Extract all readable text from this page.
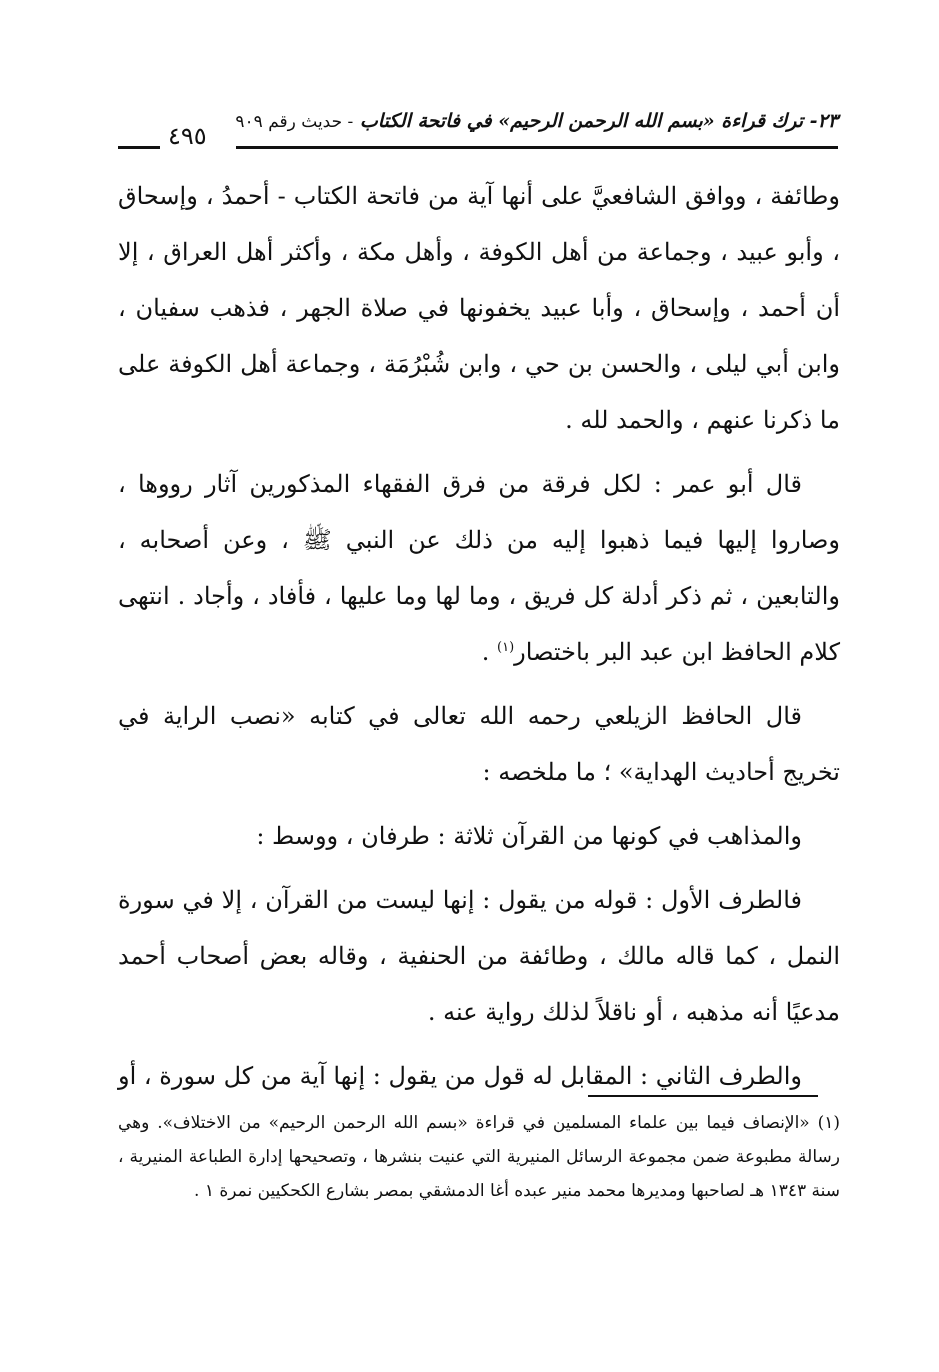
٢٣- ترك قراءة «بسم الله الرحمن الرحيم» في فاتحة الكتاب - حديث رقم ٩٠٩
٤٩٥

وطائفة ، ووافق الشافعيَّ على أنها آية من فاتحة الكتاب - أحمدُ ، وإسحاق ، وأبو عبيد ، وجماعة من أهل الكوفة ، وأهل مكة ، وأكثر أهل العراق ، إلا أن أحمد ، وإسحاق ، وأبا عبيد يخفونها في صلاة الجهر ، فذهب سفيان ، وابن أبي ليلى ، والحسن بن حي ، وابن شُبْرُمَة ، وجماعة أهل الكوفة على ما ذكرنا عنهم ، والحمد لله .

قال أبو عمر : لكل فرقة من فرق الفقهاء المذكورين آثار رووها ، وصاروا إليها فيما ذهبوا إليه من ذلك عن النبي ﷺ ، وعن أصحابه ، والتابعين ، ثم ذكر أدلة كل فريق ، وما لها وما عليها ، فأفاد ، وأجاد . انتهى كلام الحافظ ابن عبد البر باختصار$^{(١)}$ .

قال الحافظ الزيلعي رحمه الله تعالى في كتابه «نصب الراية في تخريج أحاديث الهداية» ؛ ما ملخصه :

والمذاهب في كونها من القرآن ثلاثة : طرفان ، ووسط :

فالطرف الأول : قوله من يقول : إنها ليست من القرآن ، إلا في سورة النمل ، كما قاله مالك ، وطائفة من الحنفية ، وقاله بعض أصحاب أحمد مدعيًا أنه مذهبه ، أو ناقلاً لذلك رواية عنه .

والطرف الثاني : المقابل له قول من يقول : إنها آية من كل سورة ، أو

(١) «الإنصاف فيما بين علماء المسلمين في قراءة «بسم الله الرحمن الرحيم» من الاختلاف». وهي رسالة مطبوعة ضمن مجموعة الرسائل المنيرية التي عنيت بنشرها ، وتصحيحها إدارة الطباعة المنيرية ، سنة ١٣٤٣ هـ لصاحبها ومديرها محمد منير عبده أغا الدمشقي بمصر بشارع الكحكيين نمرة ١ .
